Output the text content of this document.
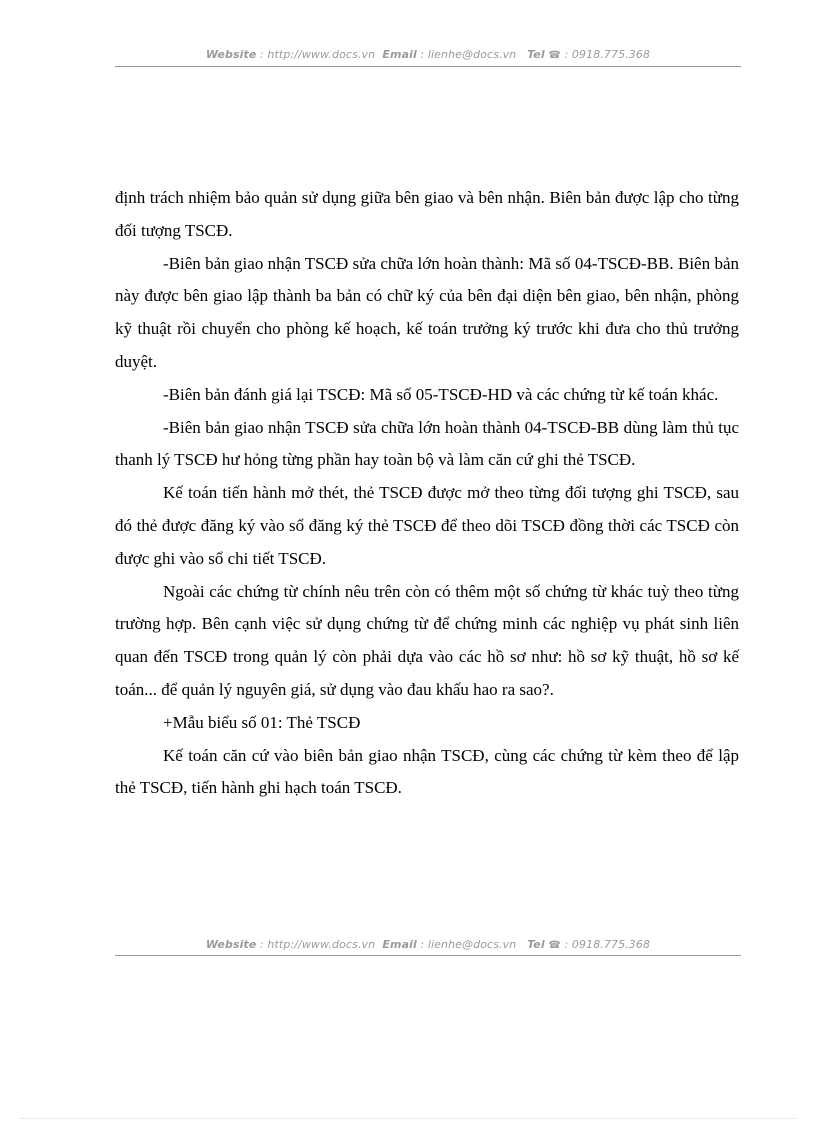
Website : http://www.docs.vn Email : lienhe@docs.vn Tel ☎ : 0918.775.368

định trách nhiệm bảo quản sử dụng giữa bên giao và bên nhận. Biên bản được lập cho từng đối tượng TSCĐ.

-Biên bản giao nhận TSCĐ sửa chữa lớn hoàn thành: Mã số 04-TSCĐ-BB. Biên bản này được bên giao lập thành ba bản có chữ ký của bên đại diện bên giao, bên nhận, phòng kỹ thuật rồi chuyển cho phòng kế hoạch, kế toán trưởng ký trước khi đưa cho thủ trưởng duyệt.

-Biên bản đánh giá lại TSCĐ: Mã số 05-TSCĐ-HD và các chứng từ kế toán khác.

-Biên bản giao nhận TSCĐ sửa chữa lớn hoàn thành 04-TSCĐ-BB dùng làm thủ tục thanh lý TSCĐ hư hỏng từng phần hay toàn bộ và làm căn cứ ghi thẻ TSCĐ.

Kế toán tiến hành mở thét, thẻ TSCĐ được mở theo từng đối tượng ghi TSCĐ, sau đó thẻ được đăng ký vào sổ đăng ký thẻ TSCĐ để theo dõi TSCĐ đồng thời các TSCĐ còn được ghi vào sổ chi tiết TSCĐ.

Ngoài các chứng từ chính nêu trên còn có thêm một số chứng từ khác tuỳ theo từng trường hợp. Bên cạnh việc sử dụng chứng từ để chứng minh các nghiệp vụ phát sinh liên quan đến TSCĐ trong quản lý còn phải dựa vào các hồ sơ như: hồ sơ kỹ thuật, hồ sơ kế toán... để quản lý nguyên giá, sử dụng vào đau khấu hao ra sao?.

+Mẫu biểu số 01: Thẻ TSCĐ

Kế toán căn cứ vào biên bản giao nhận TSCĐ, cùng các chứng từ kèm theo để lập thẻ TSCĐ, tiến hành ghi hạch toán TSCĐ.

Website : http://www.docs.vn Email : lienhe@docs.vn Tel ☎ : 0918.775.368
